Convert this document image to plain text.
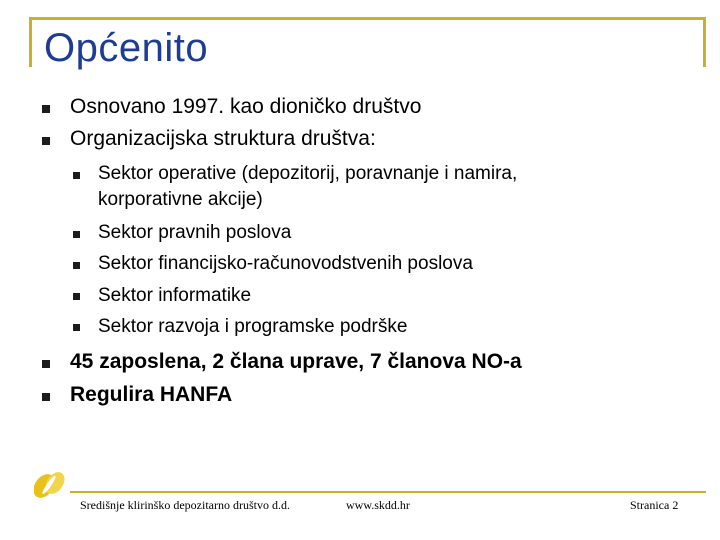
Općenito
Osnovano 1997. kao dioničko društvo
Organizacijska struktura društva:
Sektor operative (depozitorij, poravnanje i namira,
korporativne akcije)
Sektor pravnih poslova
Sektor financijsko-računovodstvenih poslova
Sektor informatike
Sektor razvoja i programske podrške
45 zaposlena, 2 člana uprave, 7 članova NO-a
Regulira HANFA
Središnje klirinško depozitarno društvo d.d.	www.skdd.hr	Stranica 2
